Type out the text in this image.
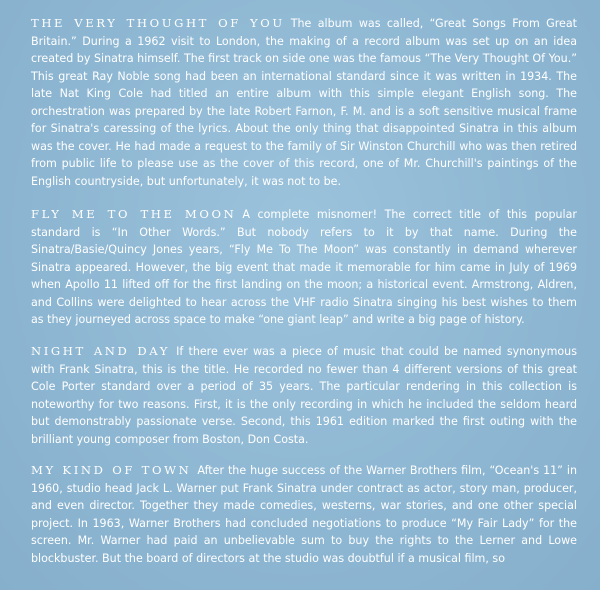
THE VERY THOUGHT OF YOU The album was called, “Great Songs From Great Britain.” During a 1962 visit to London, the making of a record album was set up on an idea created by Sinatra himself. The first track on side one was the famous “The Very Thought Of You.” This great Ray Noble song had been an international standard since it was written in 1934. The late Nat King Cole had titled an entire album with this simple elegant English song. The orchestration was prepared by the late Robert Farnon, F. M. and is a soft sensitive musical frame for Sinatra's caressing of the lyrics. About the only thing that disappointed Sinatra in this album was the cover. He had made a request to the family of Sir Winston Churchill who was then retired from public life to please use as the cover of this record, one of Mr. Churchill's paintings of the English countryside, but unfortunately, it was not to be.

FLY ME TO THE MOON A complete misnomer! The correct title of this popular standard is “In Other Words.” But nobody refers to it by that name. During the Sinatra/Basie/Quincy Jones years, “Fly Me To The Moon” was constantly in demand wherever Sinatra appeared. However, the big event that made it memorable for him came in July of 1969 when Apollo 11 lifted off for the first landing on the moon; a historical event. Armstrong, Aldren, and Collins were delighted to hear across the VHF radio Sinatra singing his best wishes to them as they journeyed across space to make “one giant leap” and write a big page of history.

NIGHT AND DAY If there ever was a piece of music that could be named synonymous with Frank Sinatra, this is the title. He recorded no fewer than 4 different versions of this great Cole Porter standard over a period of 35 years. The particular rendering in this collection is noteworthy for two reasons. First, it is the only recording in which he included the seldom heard but demonstrably passionate verse. Second, this 1961 edition marked the first outing with the brilliant young composer from Boston, Don Costa.

MY KIND OF TOWN After the huge success of the Warner Brothers film, “Ocean's 11” in 1960, studio head Jack L. Warner put Frank Sinatra under contract as actor, story man, producer, and even director. Together they made comedies, westerns, war stories, and one other special project. In 1963, Warner Brothers had concluded negotiations to produce “My Fair Lady” for the screen. Mr. Warner had paid an unbelievable sum to buy the rights to the Lerner and Lowe blockbuster. But the board of directors at the studio was doubtful if a musical film, so
